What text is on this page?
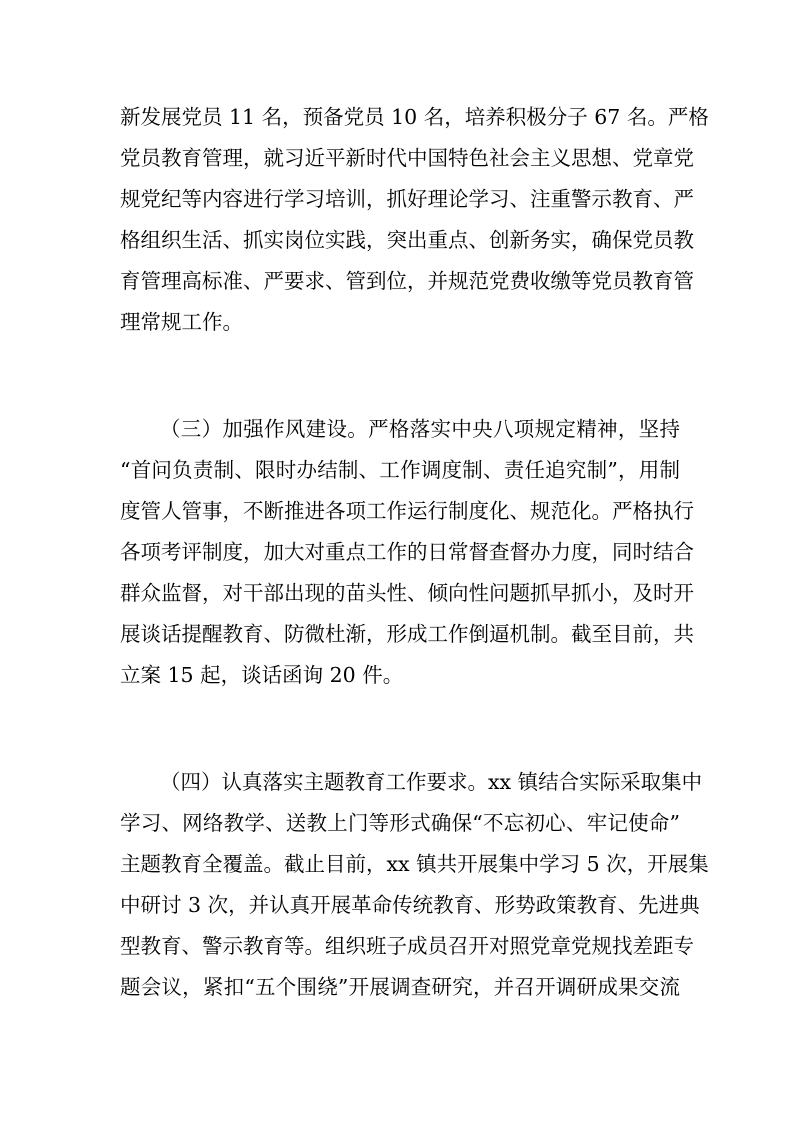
新发展党员 11 名，预备党员 10 名，培养积极分子 67 名。严格
党员教育管理，就习近平新时代中国特色社会主义思想、党章党
规党纪等内容进行学习培训，抓好理论学习、注重警示教育、严
格组织生活、抓实岗位实践，突出重点、创新务实，确保党员教
育管理高标准、严要求、管到位，并规范党费收缴等党员教育管
理常规工作。
（三）加强作风建设。严格落实中央八项规定精神，坚持
“首问负责制、限时办结制、工作调度制、责任追究制”，用制
度管人管事，不断推进各项工作运行制度化、规范化。严格执行
各项考评制度，加大对重点工作的日常督查督办力度，同时结合
群众监督，对干部出现的苗头性、倾向性问题抓早抓小，及时开
展谈话提醒教育、防微杜渐，形成工作倒逼机制。截至目前，共
立案 15 起，谈话函询 20 件。
（四）认真落实主题教育工作要求。xx 镇结合实际采取集中
学习、网络教学、送教上门等形式确保“不忘初心、牢记使命”
主题教育全覆盖。截止目前，xx 镇共开展集中学习 5 次，开展集
中研讨 3 次，并认真开展革命传统教育、形势政策教育、先进典
型教育、警示教育等。组织班子成员召开对照党章党规找差距专
题会议，紧扣“五个围绕”开展调查研究，并召开调研成果交流
